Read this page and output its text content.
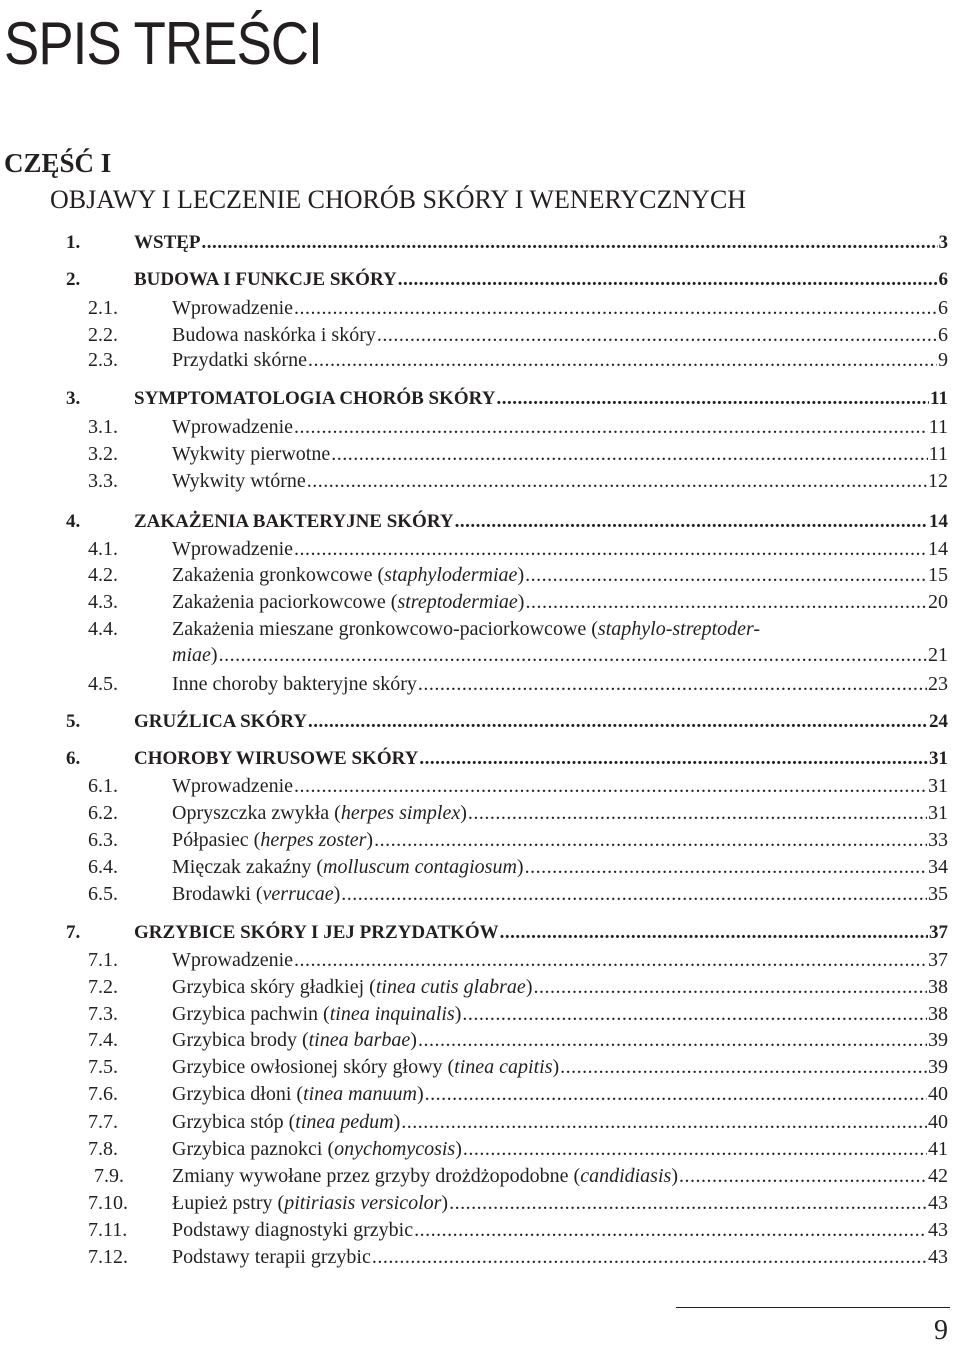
SPIS TREŚCI
CZĘŚĆ I
OBJAWY I LECZENIE CHORÓB SKÓRY I WENERYCZNYCH
1.	WSTĘP .....	3
2.	BUDOWA I FUNKCJE SKÓRY .....	6
2.1.	Wprowadzenie .....	6
2.2.	Budowa naskórka i skóry .....	6
2.3.	Przydatki skórne .....	9
3.	SYMPTOMATOLOGIA CHORÓB SKÓRY .....	11
3.1.	Wprowadzenie .....	11
3.2.	Wykwity pierwotne .....	11
3.3.	Wykwity wtórne .....	12
4.	ZAKAŻENIA BAKTERYJNE SKÓRY .....	14
4.1.	Wprowadzenie .....	14
4.2.	Zakażenia gronkowcowe (staphylodermiae) .....	15
4.3.	Zakażenia paciorkowcowe (streptodermiae) .....	20
4.4.	Zakażenia mieszane gronkowcowo-paciorkowcowe (staphylo-streptoder-
miae) .....	21
4.5.	Inne choroby bakteryjne skóry .....	23
5.	GRUŹLICA SKÓRY .....	24
6.	CHOROBY WIRUSOWE SKÓRY .....	31
6.1.	Wprowadzenie .....	31
6.2.	Opryszczka zwykła (herpes simplex) .....	31
6.3.	Półpasiec (herpes zoster) .....	33
6.4.	Mięczak zakaźny (molluscum contagiosum) .....	34
6.5.	Brodawki (verrucae) .....	35
7.	GRZYBICE SKÓRY I JEJ PRZYDATKÓW .....	37
7.1.	Wprowadzenie .....	37
7.2.	Grzybica skóry gładkiej (tinea cutis glabrae) .....	38
7.3.	Grzybica pachwin (tinea inquinalis) .....	38
7.4.	Grzybica brody (tinea barbae) .....	39
7.5.	Grzybice owłosionej skóry głowy (tinea capitis) .....	39
7.6.	Grzybica dłoni (tinea manuum) .....	40
7.7.	Grzybica stóp (tinea pedum) .....	40
7.8.	Grzybica paznokci (onychomycosis) .....	41
7.9. Zmiany wywołane przez grzyby drożdżopodobne (candidiasis) .....	42
7.10. Łupież pstry (pitiriasis versicolor) .....	43
7.11. Podstawy diagnostyki grzybic .....	43
7.12. Podstawy terapii grzybic .....	43
9
